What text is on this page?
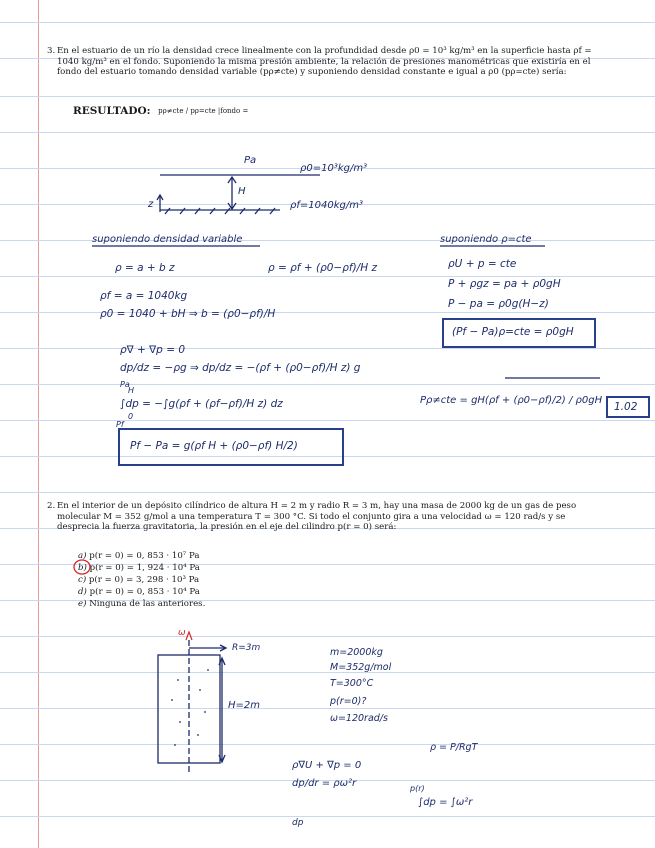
3. En el estuario de un río la densidad crece linealmente con la profundidad desde ρ0 = 10³ kg/m³ en la superficie hasta ρf = 1040 kg/m³ en el fondo. Suponiendo la misma presión ambiente, la relación de presiones manométricas que existiría en el fondo del estuario tomando densidad variable (pρ≠cte) y suponiendo densidad constante e igual a ρ0 (pρ=cte) sería:
RESULTADO: pρ≠cte / pρ=cte |fondo =
Pa
ρ0=10³kg/m³
H
z	ρf=1040kg/m³
suponiendo densidad variable	suponiendo ρ=cte
ρ = a + b z	ρ = ρf + (ρ0−ρf)/H z
ρf = a = 1040kg
ρ0 = 1040 + bH ⇒ b = (ρ0−ρf)/H
ρU + p = cte
P + ρgz = pa + ρ0gH
P − pa = ρ0g(H−z)
(Pf − Pa)ρ=cte = ρ0gH
ρ∇ + ∇p = 0
dp/dz = −ρg ⇒ dp/dz = −(ρf + (ρ0−ρf)/H z) g
H
Pa
∫dp = −∫g(ρf + (ρf−ρf)/H z) dz
0
Pf
Pf − Pa = g(ρf H + (ρ0−ρf) H/2)
Pρ≠cte = gH(ρf + (ρ0−ρf)/2) / ρ0gH
1.02
2. En el interior de un depósito cilíndrico de altura H = 2 m y radio R = 3 m, hay una masa de 2000 kg de un gas de peso molecular M = 352 g/mol a una temperatura T = 300 °C. Si todo el conjunto gira a una velocidad ω = 120 rad/s y se desprecia la fuerza gravitatoria, la presión en el eje del cilindro p(r = 0) será:
a) p(r = 0) = 0, 853 · 10⁷ Pa
b) p(r = 0) = 1, 924 · 10⁴ Pa
c) p(r = 0) = 3, 298 · 10³ Pa
d) p(r = 0) = 0, 853 · 10⁴ Pa
e) Ninguna de las anteriores.
ω
R=3m
H=2m
m=2000kg
M=352g/mol
T=300°C
p(r=0)?
ω=120rad/s
ρ = P/RgT
ρ∇U + ∇p = 0
dp/dr = ρω²r
dp
p(r)
∫dp = ∫ω²r
